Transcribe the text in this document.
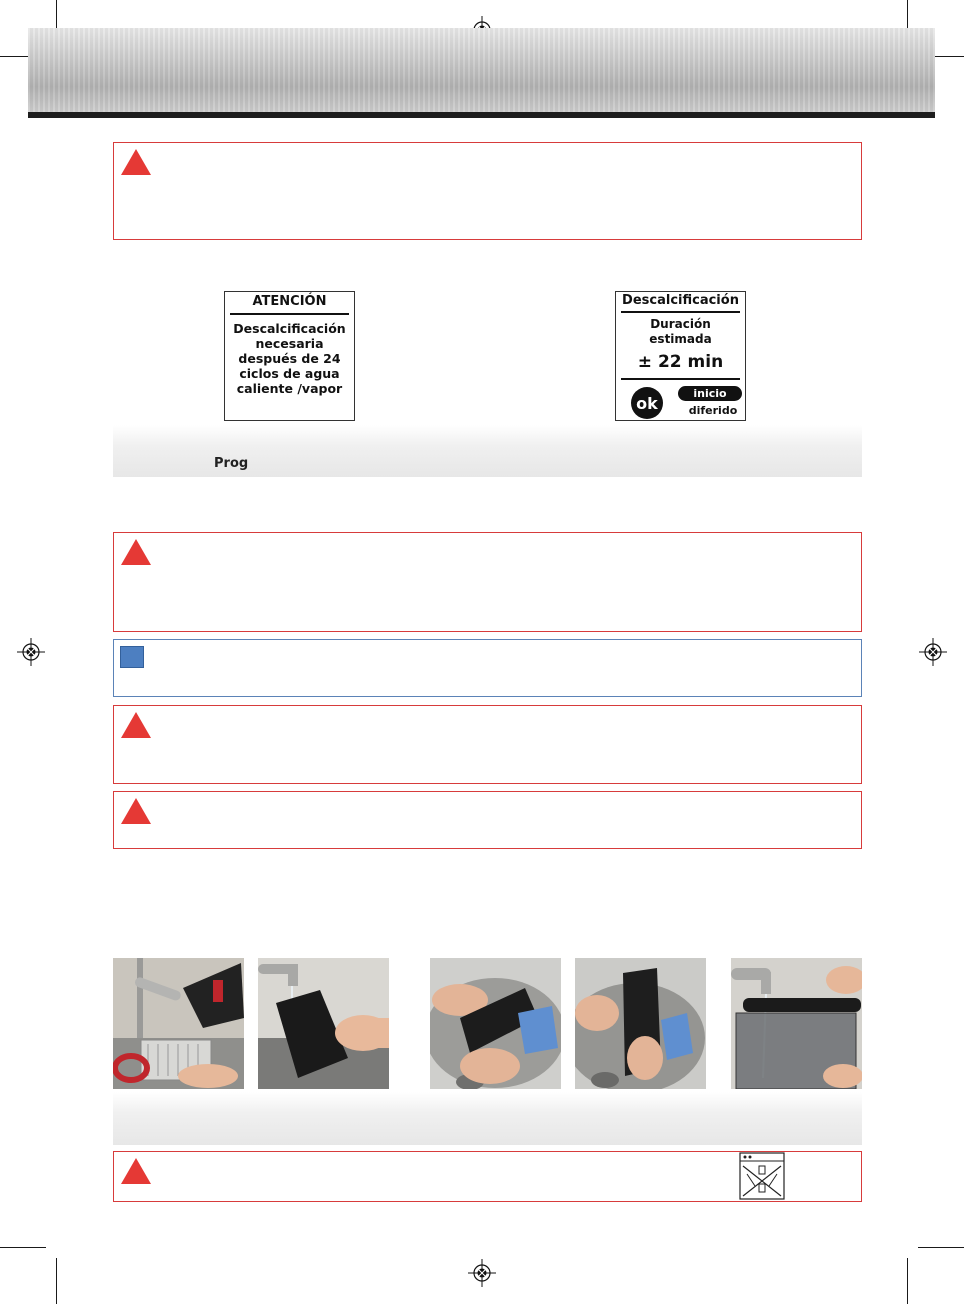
ATENCIÓN
Descalcificación
necesaria
después de 24
ciclos de agua
caliente /vapor
Descalcificación
Duración
estimada
± 22 min
ok	inicio
diferido
Prog
